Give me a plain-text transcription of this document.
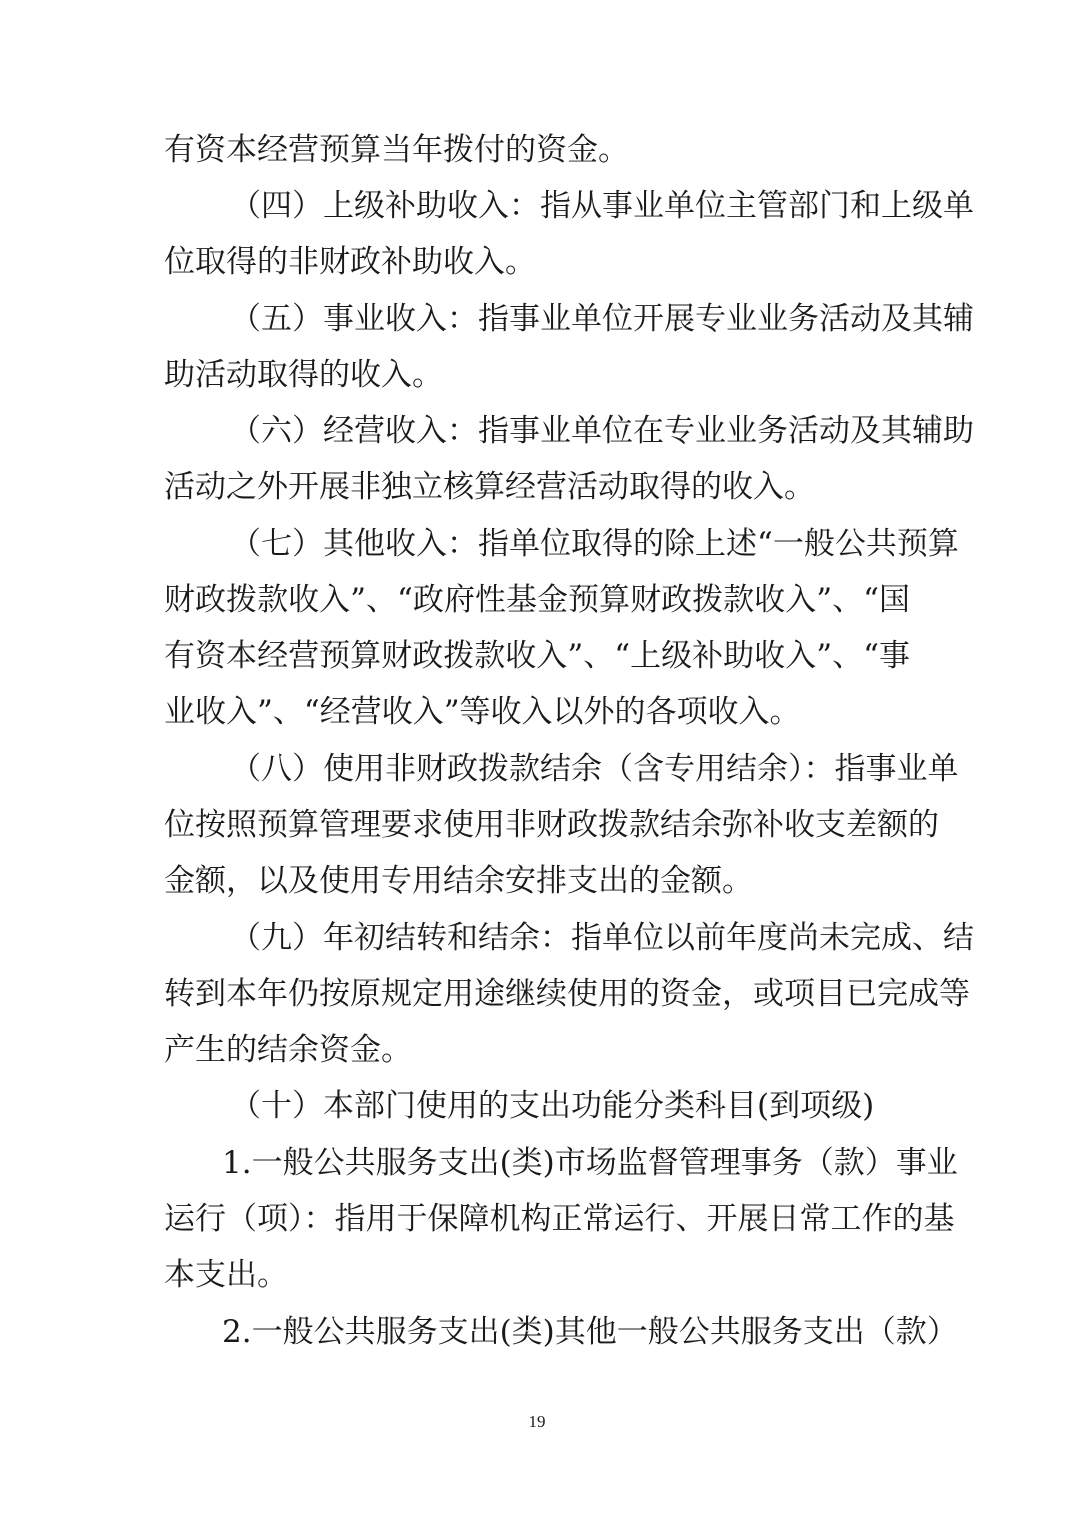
有资本经营预算当年拨付的资金。
（四）上级补助收入：指从事业单位主管部门和上级单
位取得的非财政补助收入。
（五）事业收入：指事业单位开展专业业务活动及其辅
助活动取得的收入。
（六）经营收入：指事业单位在专业业务活动及其辅助
活动之外开展非独立核算经营活动取得的收入。
（七）其他收入：指单位取得的除上述“一般公共预算
财政拨款收入”、“政府性基金预算财政拨款收入”、“国
有资本经营预算财政拨款收入”、“上级补助收入”、“事
业收入”、“经营收入”等收入以外的各项收入。
（八）使用非财政拨款结余（含专用结余）：指事业单
位按照预算管理要求使用非财政拨款结余弥补收支差额的
金额，以及使用专用结余安排支出的金额。
（九）年初结转和结余：指单位以前年度尚未完成、结
转到本年仍按原规定用途继续使用的资金，或项目已完成等
产生的结余资金。
（十）本部门使用的支出功能分类科目(到项级)
1.一般公共服务支出(类)市场监督管理事务（款）事业
运行（项）：指用于保障机构正常运行、开展日常工作的基
本支出。
2.一般公共服务支出(类)其他一般公共服务支出（款）
19
